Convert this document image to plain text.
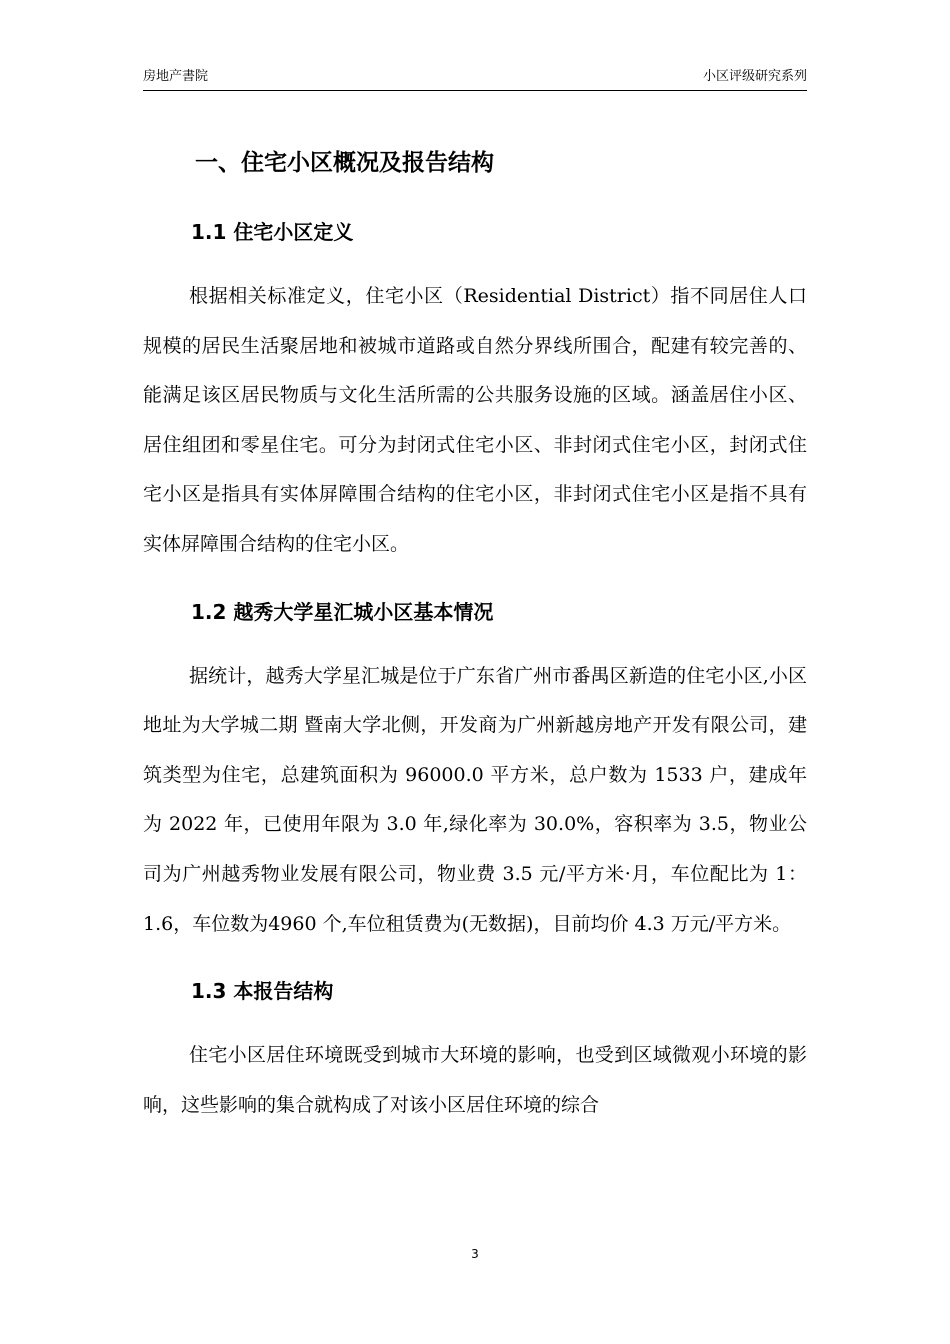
房地产書院	小区评级研究系列
一、住宅小区概况及报告结构
1.1 住宅小区定义

根据相关标准定义，住宅小区（Residential District）指不同居住人口规模的居民生活聚居地和被城市道路或自然分界线所围合，配建有较完善的、能满足该区居民物质与文化生活所需的公共服务设施的区域。涵盖居住小区、居住组团和零星住宅。可分为封闭式住宅小区、非封闭式住宅小区，封闭式住宅小区是指具有实体屏障围合结构的住宅小区，非封闭式住宅小区是指不具有实体屏障围合结构的住宅小区。

1.2 越秀大学星汇城小区基本情况

据统计，越秀大学星汇城是位于广东省广州市番禺区新造的住宅小区,小区地址为大学城二期 暨南大学北侧，开发商为广州新越房地产开发有限公司，建筑类型为住宅，总建筑面积为 96000.0 平方米，总户数为 1533 户，建成年为 2022 年，已使用年限为 3.0 年,绿化率为 30.0%，容积率为 3.5，物业公司为广州越秀物业发展有限公司，物业费 3.5 元/平方米·月，车位配比为 1：1.6，车位数为4960 个,车位租赁费为(无数据)，目前均价 4.3 万元/平方米。

1.3 本报告结构

住宅小区居住环境既受到城市大环境的影响，也受到区域微观小环境的影响，这些影响的集合就构成了对该小区居住环境的综合

3
